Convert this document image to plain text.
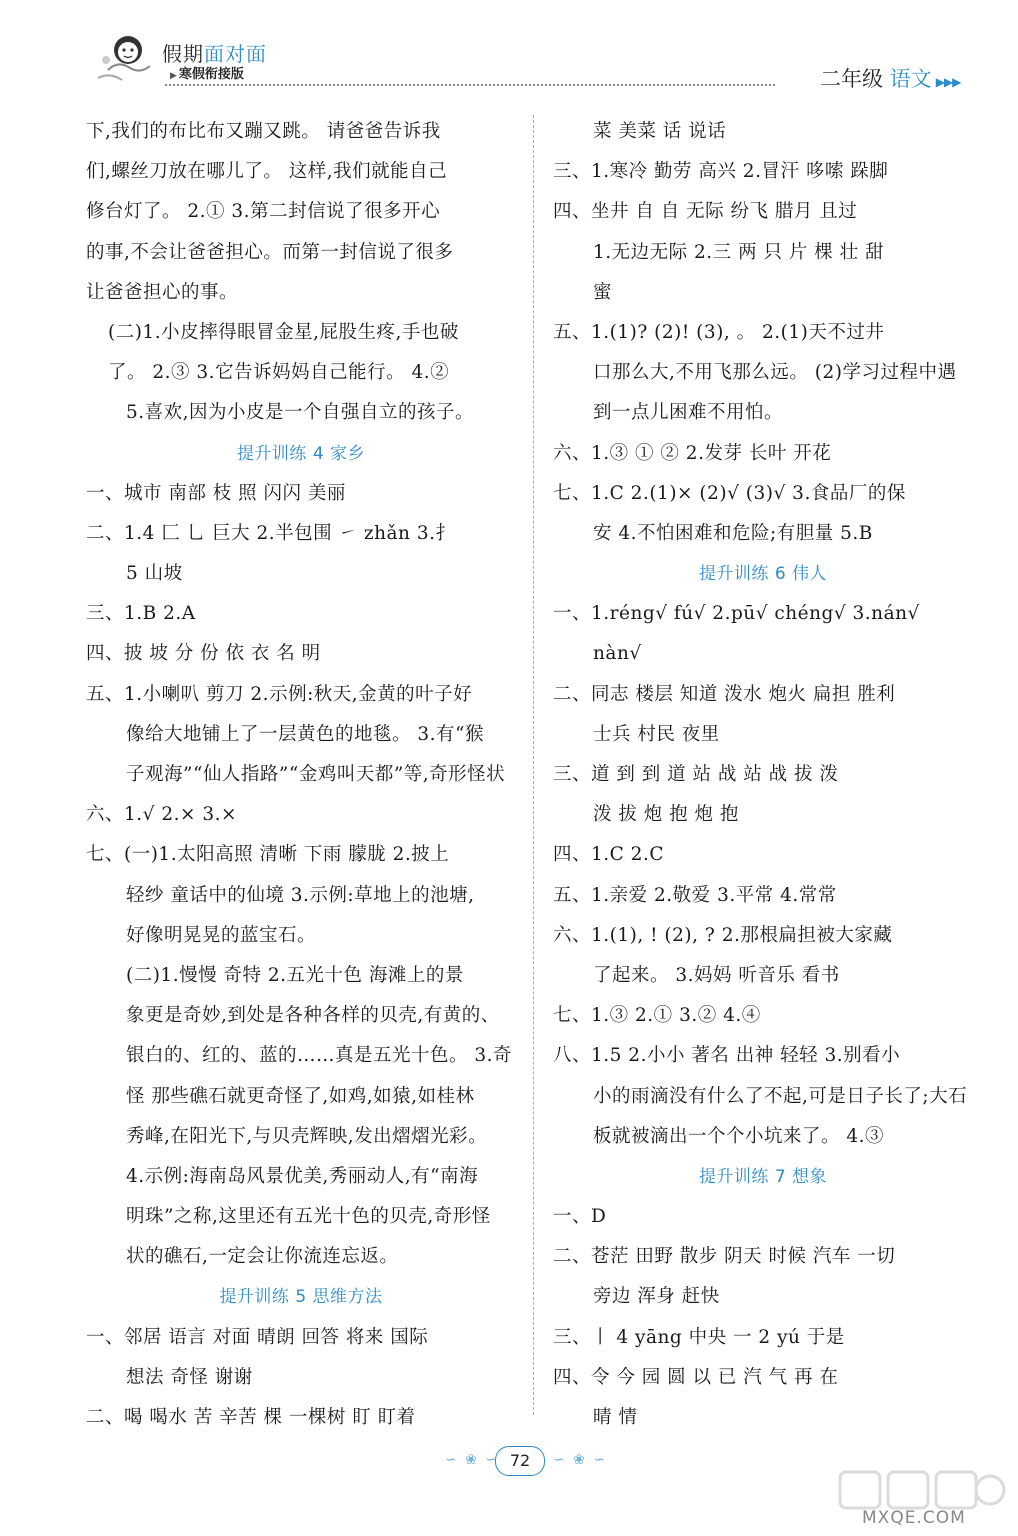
假期面对面
▶ 寒假衔接版	二年级 语文 ▶▶▶
下,我们的布比布又蹦又跳。 请爸爸告诉我
们,螺丝刀放在哪儿了。 这样,我们就能自己
修台灯了。 2.① 3.第二封信说了很多开心
的事,不会让爸爸担心。而第一封信说了很多
让爸爸担心的事。
(二)1.小皮摔得眼冒金星,屁股生疼,手也破
了。 2.③ 3.它告诉妈妈自己能行。 4.②
5.喜欢,因为小皮是一个自强自立的孩子。
提升训练 4 家乡
一、城市 南部 枝 照 闪闪 美丽
二、1.4 匚 乚 巨大 2.半包围 ㇀ zhǎn 3.扌
5 山坡
三、1.B 2.A
四、披 坡 分 份 依 衣 名 明
五、1.小喇叭 剪刀 2.示例:秋天,金黄的叶子好
像给大地铺上了一层黄色的地毯。 3.有“猴
子观海”“仙人指路”“金鸡叫天都”等,奇形怪状
六、1.√ 2.× 3.×
七、(一)1.太阳高照 清晰 下雨 朦胧 2.披上
轻纱 童话中的仙境 3.示例:草地上的池塘,
好像明晃晃的蓝宝石。
(二)1.慢慢 奇特 2.五光十色 海滩上的景
象更是奇妙,到处是各种各样的贝壳,有黄的、
银白的、红的、蓝的……真是五光十色。 3.奇
怪 那些礁石就更奇怪了,如鸡,如猿,如桂林
秀峰,在阳光下,与贝壳辉映,发出熠熠光彩。
4.示例:海南岛风景优美,秀丽动人,有“南海
明珠”之称,这里还有五光十色的贝壳,奇形怪
状的礁石,一定会让你流连忘返。
提升训练 5 思维方法
一、邻居 语言 对面 晴朗 回答 将来 国际
想法 奇怪 谢谢
二、喝 喝水 苦 辛苦 棵 一棵树 盯 盯着
菜 美菜 话 说话
三、1.寒冷 勤劳 高兴 2.冒汗 哆嗦 跺脚
四、坐井 自 自 无际 纷飞 腊月 且过
1.无边无际 2.三 两 只 片 棵 壮 甜
蜜
五、1.(1)? (2)! (3), 。 2.(1)天不过井
口那么大,不用飞那么远。 (2)学习过程中遇
到一点儿困难不用怕。
六、1.③ ① ② 2.发芽 长叶 开花
七、1.C 2.(1)× (2)√ (3)√ 3.食品厂的保
安 4.不怕困难和危险;有胆量 5.B
提升训练 6 伟人
一、1.réng√ fú√ 2.pū√ chéng√ 3.nán√
nàn√
二、同志 楼层 知道 泼水 炮火 扁担 胜利
士兵 村民 夜里
三、道 到 到 道 站 战 站 战 拔 泼
泼 拔 炮 抱 炮 抱
四、1.C 2.C
五、1.亲爱 2.敬爱 3.平常 4.常常
六、1.(1), ! (2), ? 2.那根扁担被大家藏
了起来。 3.妈妈 听音乐 看书
七、1.③ 2.① 3.② 4.④
八、1.5 2.小小 著名 出神 轻轻 3.别看小
小的雨滴没有什么了不起,可是日子长了;大石
板就被滴出一个个小坑来了。 4.③
提升训练 7 想象
一、D
二、苍茫 田野 散步 阴天 时候 汽车 一切
旁边 浑身 赶快
三、丨 4 yāng 中央 一 2 yú 于是
四、令 今 园 圆 以 已 汽 气 再 在
晴 情
∽ ❀ ∽ 72	∽ ❀ ∽
MXQE.COM
